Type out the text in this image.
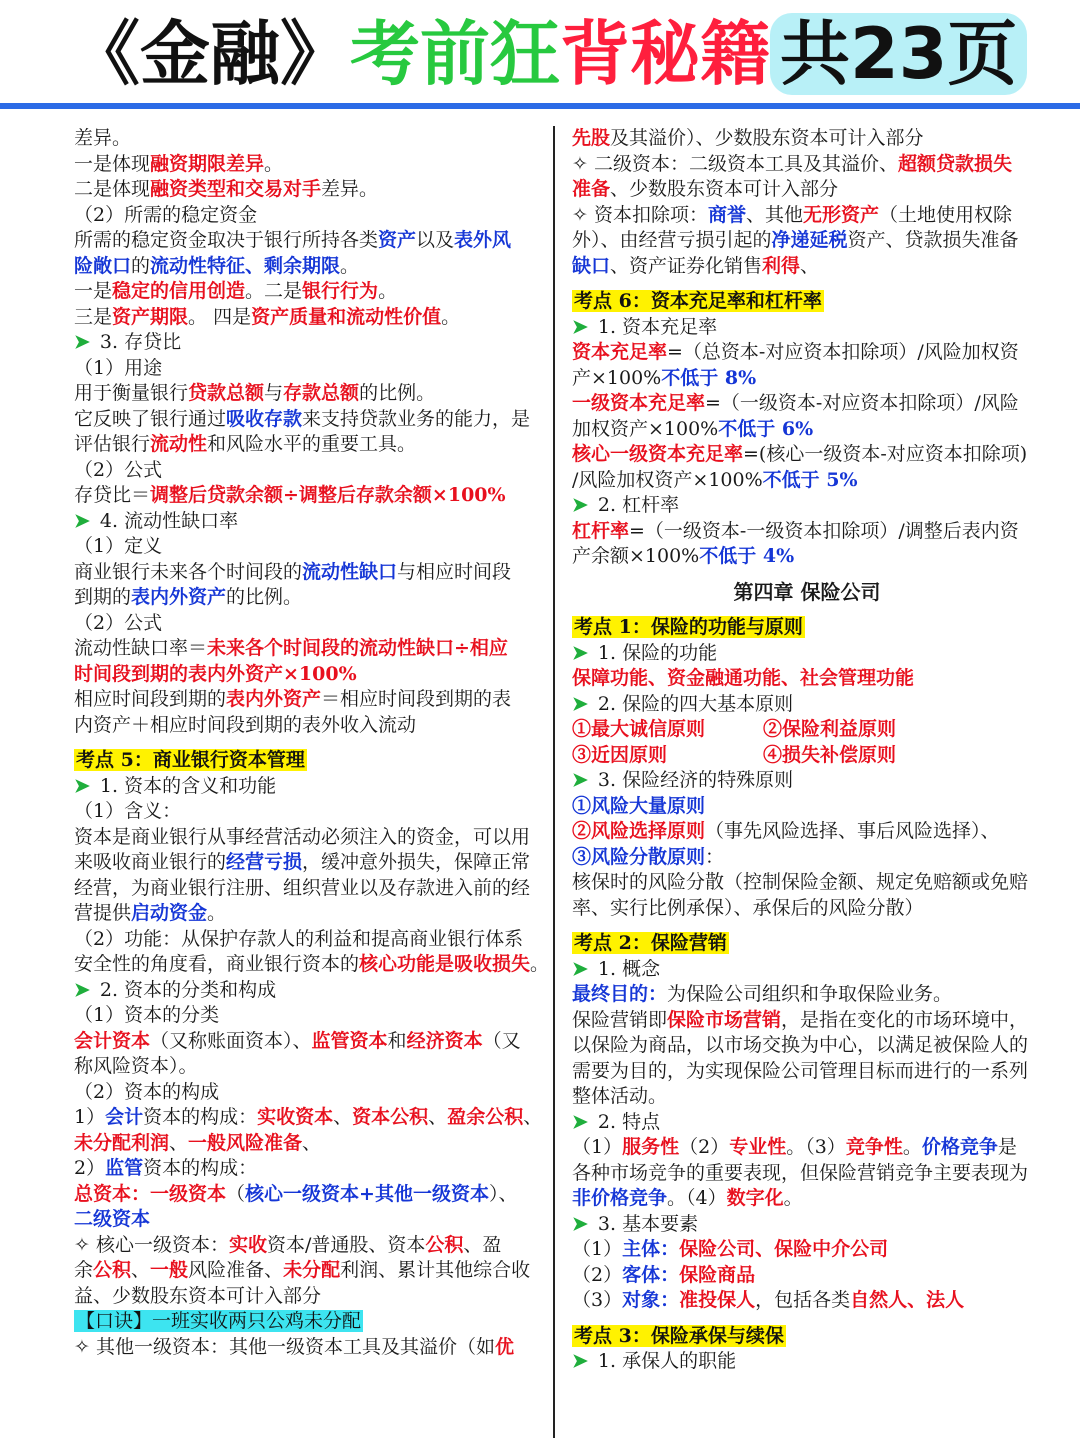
《金融》考前狂背秘籍 共23页
差异。
一是体现融资期限差异。
二是体现融资类型和交易对手差异。
（2）所需的稳定资金
所需的稳定资金取决于银行所持各类资产以及表外风
险敞口的流动性特征、剩余期限。
一是稳定的信用创造。二是银行行为。
三是资产期限。 四是资产质量和流动性价值。
➤ 3. 存贷比
（1）用途
用于衡量银行贷款总额与存款总额的比例。
它反映了银行通过吸收存款来支持贷款业务的能力，是
评估银行流动性和风险水平的重要工具。
（2）公式
存贷比＝调整后贷款余额÷调整后存款余额×100%
➤ 4. 流动性缺口率
（1）定义
商业银行未来各个时间段的流动性缺口与相应时间段
到期的表内外资产的比例。
（2）公式
流动性缺口率＝未来各个时间段的流动性缺口÷相应
时间段到期的表内外资产×100%
相应时间段到期的表内外资产＝相应时间段到期的表
内资产＋相应时间段到期的表外收入流动
考点 5：商业银行资本管理
➤ 1. 资本的含义和功能
（1）含义：
资本是商业银行从事经营活动必须注入的资金，可以用
来吸收商业银行的经营亏损，缓冲意外损失，保障正常
经营，为商业银行注册、组织营业以及存款进入前的经
营提供启动资金。
（2）功能：从保护存款人的利益和提高商业银行体系
安全性的角度看，商业银行资本的核心功能是吸收损失。
➤ 2. 资本的分类和构成
（1）资本的分类
会计资本（又称账面资本）、监管资本和经济资本（又
称风险资本）。
（2）资本的构成
1）会计资本的构成：实收资本、资本公积、盈余公积、
未分配利润、一般风险准备、
2）监管资本的构成：
总资本：一级资本（核心一级资本+其他一级资本）、
二级资本
✧ 核心一级资本：实收资本/普通股、资本公积、盈
余公积、一般风险准备、未分配利润、累计其他综合收
益、少数股东资本可计入部分
【口诀】一班实收两只公鸡未分配
✧ 其他一级资本：其他一级资本工具及其溢价（如优
先股及其溢价）、少数股东资本可计入部分
✧ 二级资本：二级资本工具及其溢价、超额贷款损失
准备、少数股东资本可计入部分
✧ 资本扣除项：商誉、其他无形资产（土地使用权除
外）、由经营亏损引起的净递延税资产、贷款损失准备
缺口、资产证券化销售利得、
考点 6：资本充足率和杠杆率
➤ 1. 资本充足率
资本充足率=（总资本-对应资本扣除项）/风险加权资
产×100%不低于 8%
一级资本充足率=（一级资本-对应资本扣除项）/风险
加权资产×100%不低于 6%
核心一级资本充足率=(核心一级资本-对应资本扣除项)
/风险加权资产×100%不低于 5%
➤ 2. 杠杆率
杠杆率=（一级资本-一级资本扣除项）/调整后表内资
产余额×100%不低于 4%
第四章 保险公司
考点 1：保险的功能与原则
➤ 1. 保险的功能
保障功能、资金融通功能、社会管理功能
➤ 2. 保险的四大基本原则
①最大诚信原则	②保险利益原则
③近因原则	④损失补偿原则
➤ 3. 保险经济的特殊原则
①风险大量原则
②风险选择原则（事先风险选择、事后风险选择）、
③风险分散原则：
核保时的风险分散（控制保险金额、规定免赔额或免赔
率、实行比例承保）、承保后的风险分散）
考点 2：保险营销
➤ 1. 概念
最终目的：为保险公司组织和争取保险业务。
保险营销即保险市场营销，是指在变化的市场环境中，
以保险为商品，以市场交换为中心，以满足被保险人的
需要为目的，为实现保险公司管理目标而进行的一系列
整体活动。
➤ 2. 特点
（1）服务性（2）专业性。（3）竞争性。价格竞争是
各种市场竞争的重要表现，但保险营销竞争主要表现为
非价格竞争。（4）数字化。
➤ 3. 基本要素
（1）主体：保险公司、保险中介公司
（2）客体：保险商品
（3）对象：准投保人，包括各类自然人、法人
考点 3：保险承保与续保
➤ 1. 承保人的职能
